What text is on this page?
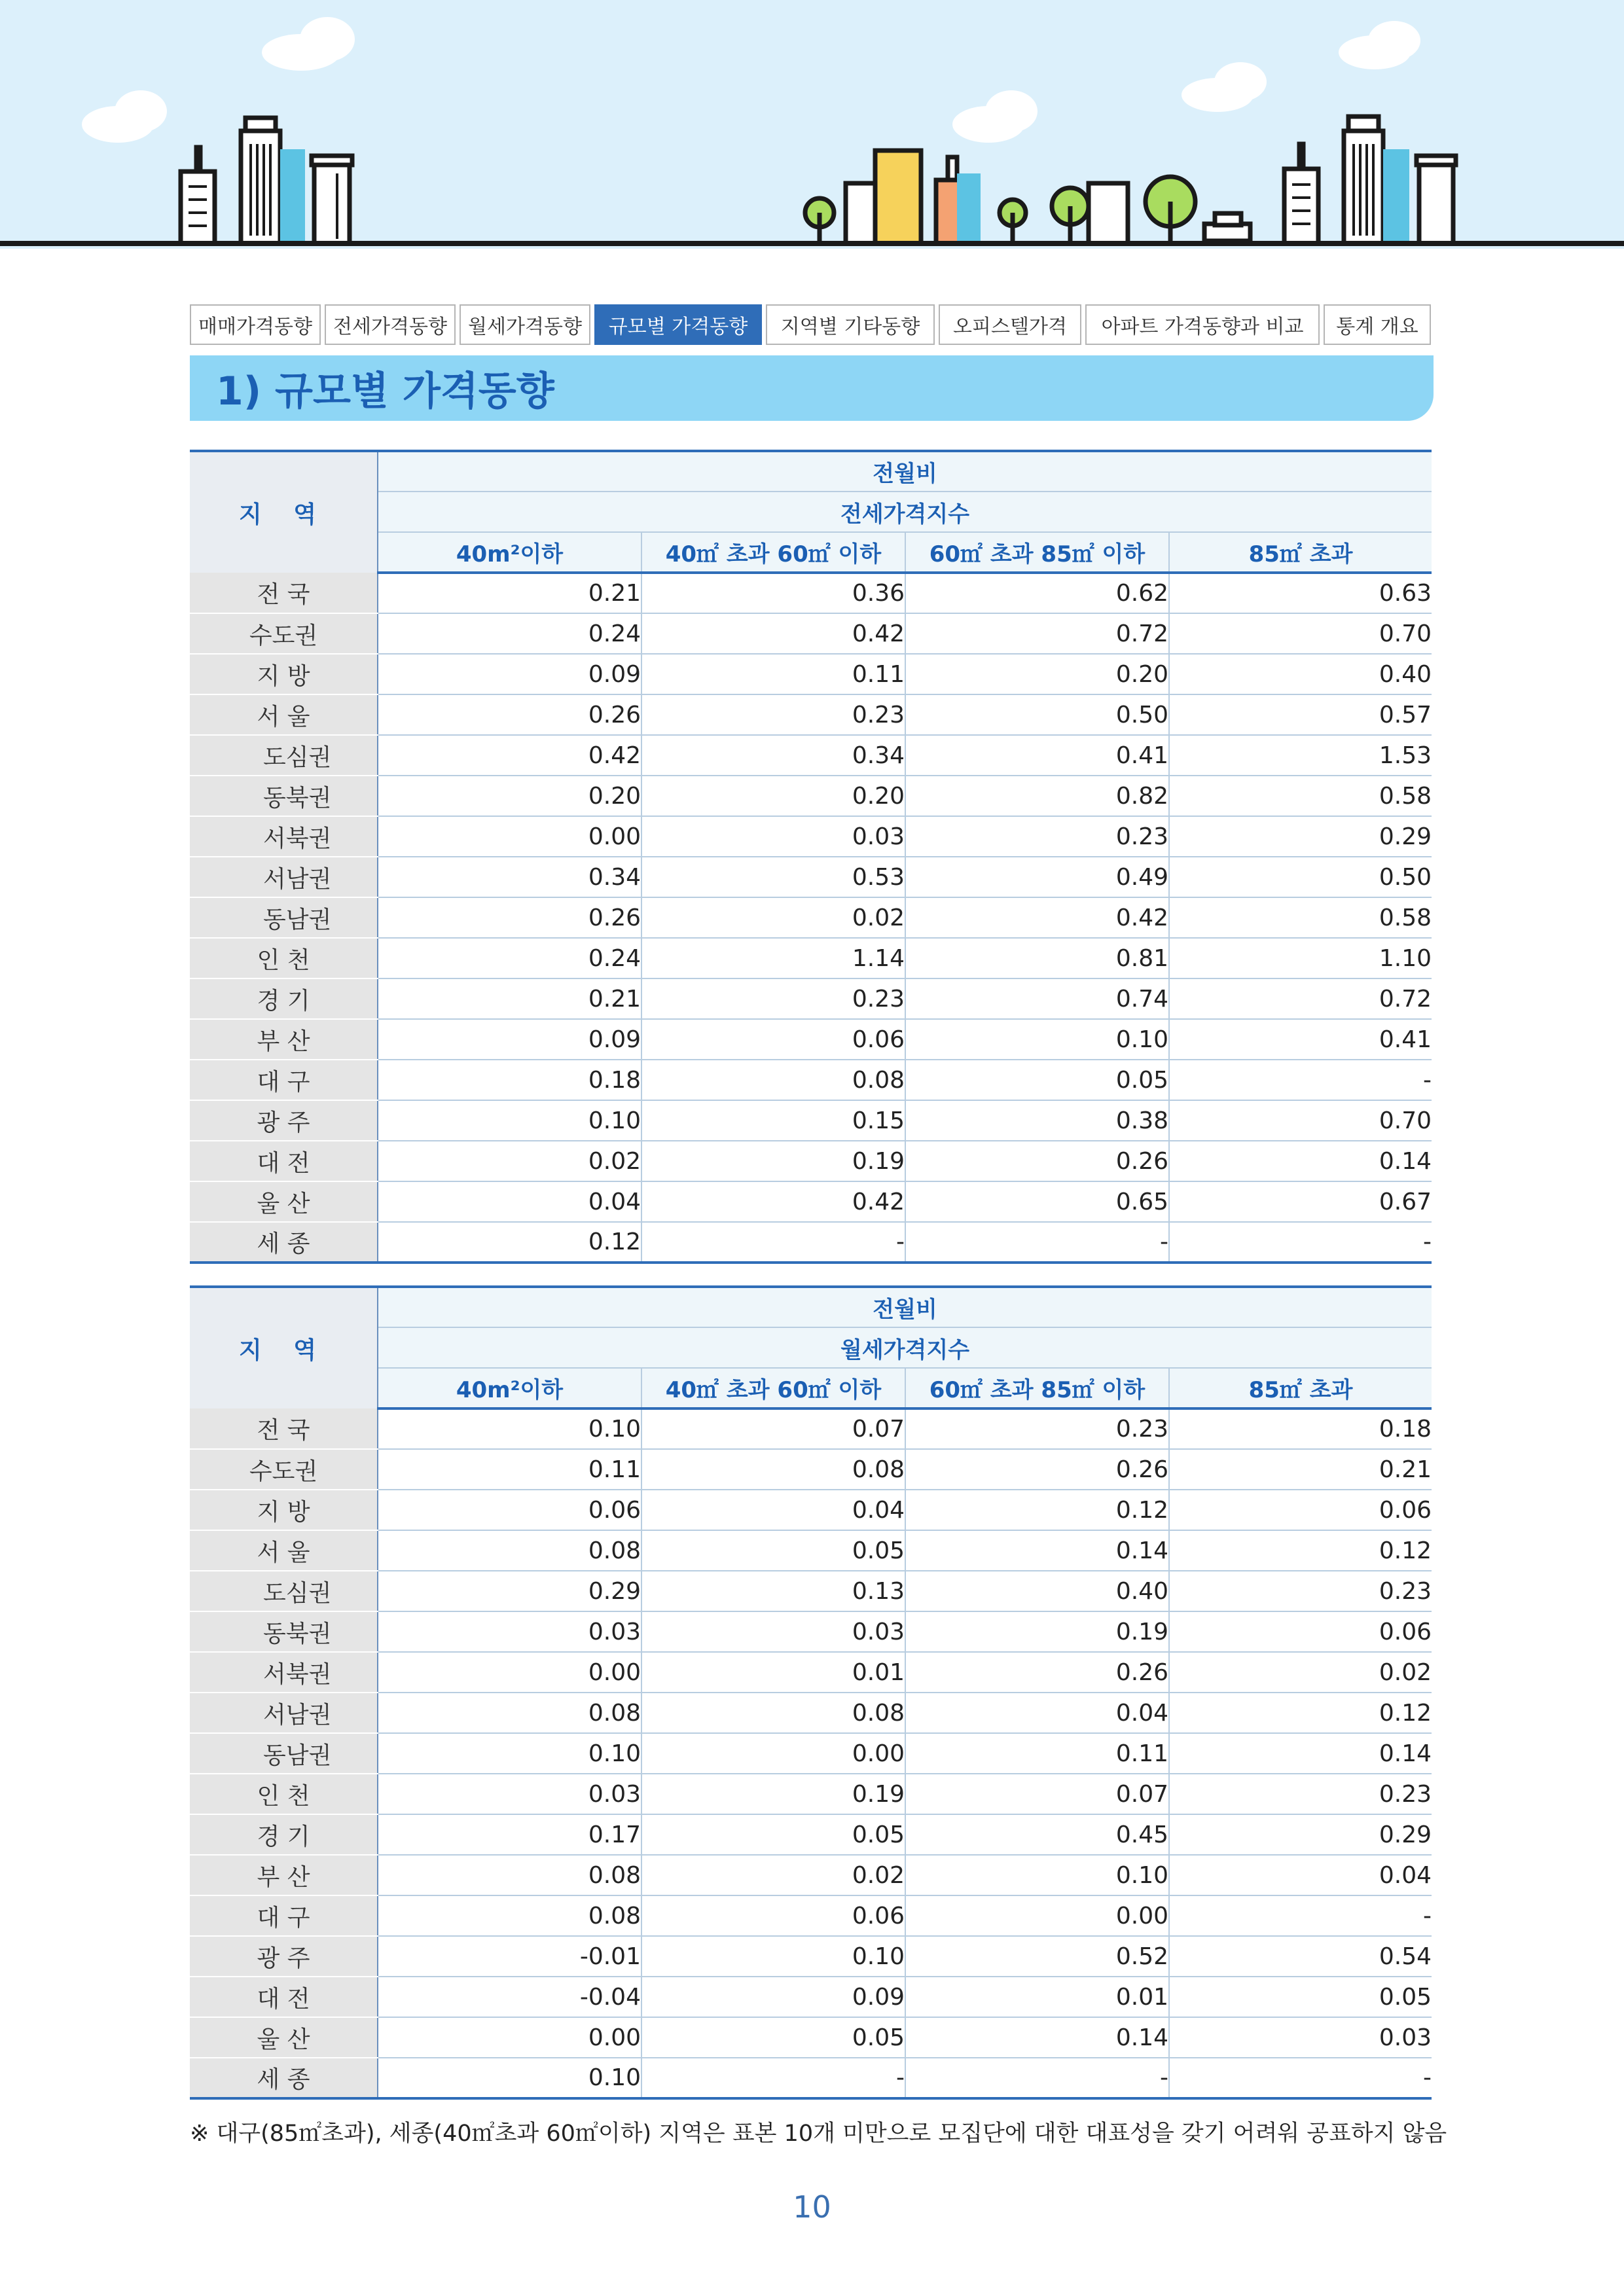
매매가격동향	전세가격동향	월세가격동향	규모별 가격동향	지역별 기타동향	오피스텔가격	아파트 가격동향과 비교	통계 개요
1) 규모별 가격동향
지 역	전월비			
	전세가격지수			
	40m²이하	40㎡ 초과 60㎡ 이하	60㎡ 초과 85㎡ 이하	85㎡ 초과
전 국	0.21	0.36	0.62	0.63
수도권	0.24	0.42	0.72	0.70
지 방	0.09	0.11	0.20	0.40
서 울	0.26	0.23	0.50	0.57
도심권	0.42	0.34	0.41	1.53
동북권	0.20	0.20	0.82	0.58
서북권	0.00	0.03	0.23	0.29
서남권	0.34	0.53	0.49	0.50
동남권	0.26	0.02	0.42	0.58
인 천	0.24	1.14	0.81	1.10
경 기	0.21	0.23	0.74	0.72
부 산	0.09	0.06	0.10	0.41
대 구	0.18	0.08	0.05	-
광 주	0.10	0.15	0.38	0.70
대 전	0.02	0.19	0.26	0.14
울 산	0.04	0.42	0.65	0.67
세 종	0.12	-	-	-
지 역	전월비			
	월세가격지수			
	40m²이하	40㎡ 초과 60㎡ 이하	60㎡ 초과 85㎡ 이하	85㎡ 초과
전 국	0.10	0.07	0.23	0.18
수도권	0.11	0.08	0.26	0.21
지 방	0.06	0.04	0.12	0.06
서 울	0.08	0.05	0.14	0.12
도심권	0.29	0.13	0.40	0.23
동북권	0.03	0.03	0.19	0.06
서북권	0.00	0.01	0.26	0.02
서남권	0.08	0.08	0.04	0.12
동남권	0.10	0.00	0.11	0.14
인 천	0.03	0.19	0.07	0.23
경 기	0.17	0.05	0.45	0.29
부 산	0.08	0.02	0.10	0.04
대 구	0.08	0.06	0.00	-
광 주	-0.01	0.10	0.52	0.54
대 전	-0.04	0.09	0.01	0.05
울 산	0.00	0.05	0.14	0.03
세 종	0.10	-	-	-
※ 대구(85㎡초과), 세종(40㎡초과 60㎡이하) 지역은 표본 10개 미만으로 모집단에 대한 대표성을 갖기 어려워 공표하지 않음
10
